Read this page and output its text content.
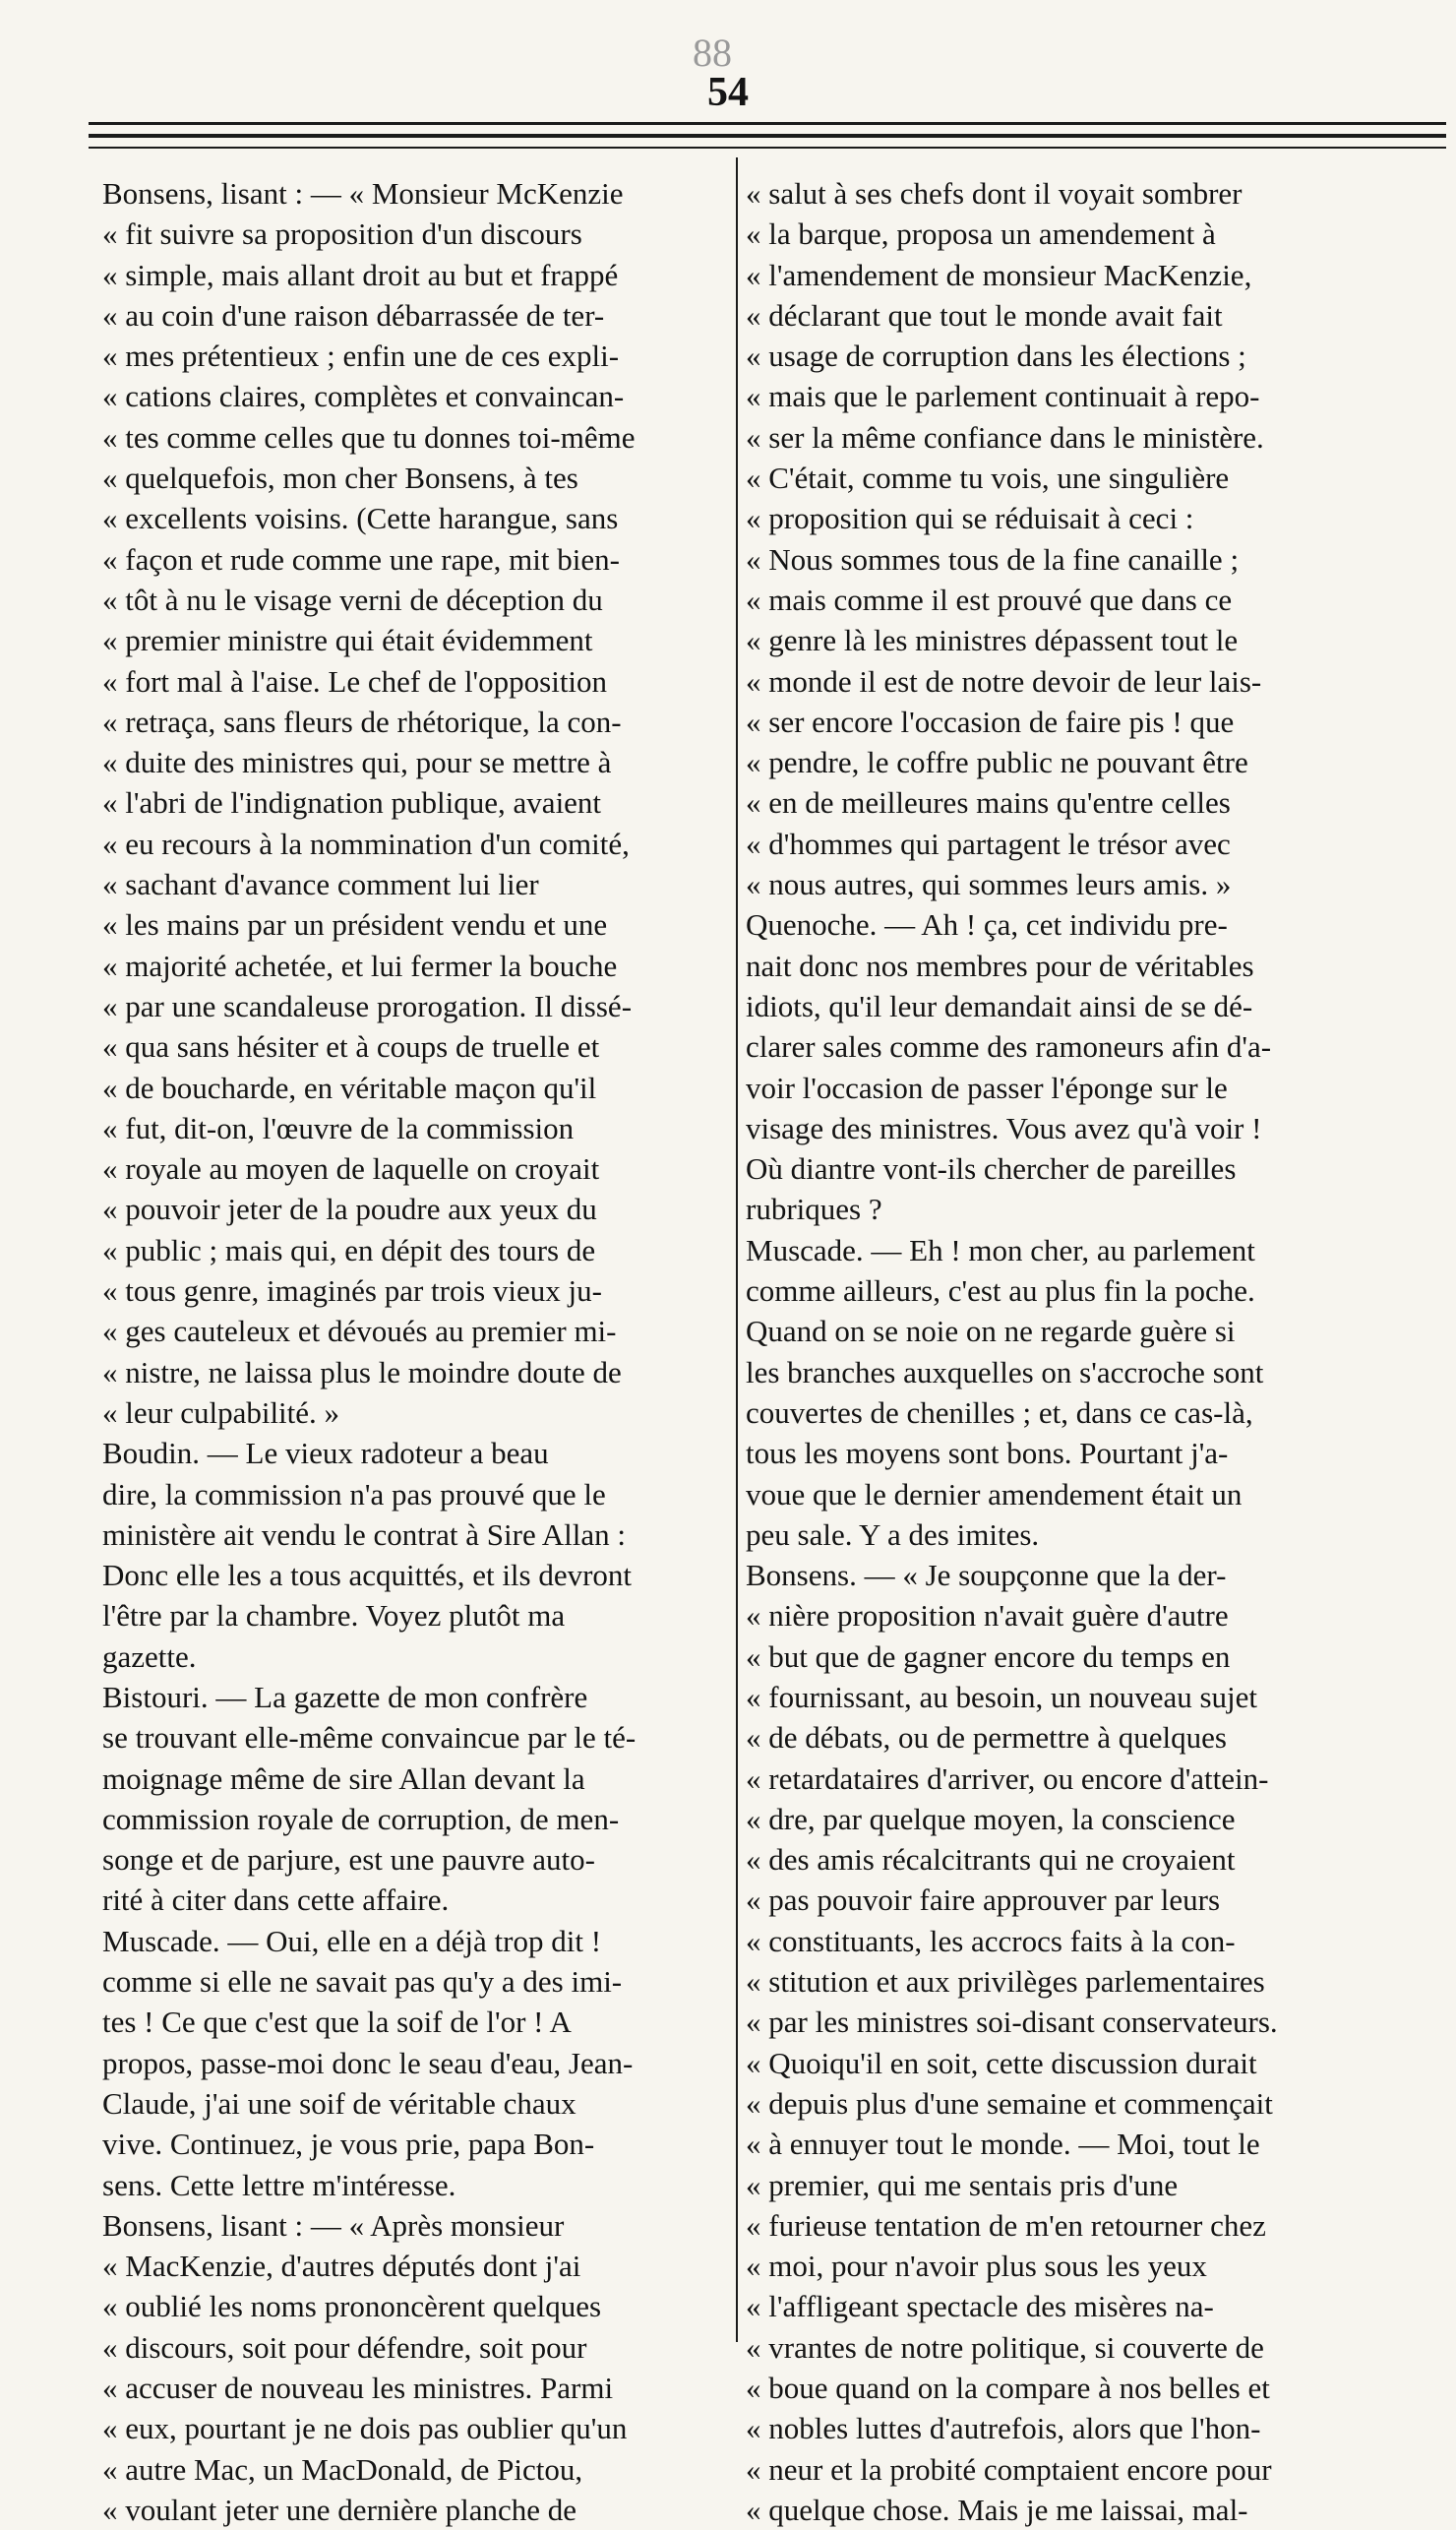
88
54

Bonsens, lisant : — « Monsieur McKenzie

« fit suivre sa proposition d'un discours

« simple, mais allant droit au but et frappé

« au coin d'une raison débarrassée de ter-

« mes prétentieux ; enfin une de ces expli-

« cations claires, complètes et convaincan-

« tes comme celles que tu donnes toi-même

« quelquefois, mon cher Bonsens, à tes

« excellents voisins. (Cette harangue, sans

« façon et rude comme une rape, mit bien-

« tôt à nu le visage verni de déception du

« premier ministre qui était évidemment

« fort mal à l'aise. Le chef de l'opposition

« retraça, sans fleurs de rhétorique, la con-

« duite des ministres qui, pour se mettre à

« l'abri de l'indignation publique, avaient

« eu recours à la nommination d'un comité,

« sachant d'avance comment lui lier

« les mains par un président vendu et une

« majorité achetée, et lui fermer la bouche

« par une scandaleuse prorogation. Il dissé-

« qua sans hésiter et à coups de truelle et

« de boucharde, en véritable maçon qu'il

« fut, dit-on, l'œuvre de la commission

« royale au moyen de laquelle on croyait

« pouvoir jeter de la poudre aux yeux du

« public ; mais qui, en dépit des tours de

« tous genre, imaginés par trois vieux ju-

« ges cauteleux et dévoués au premier mi-

« nistre, ne laissa plus le moindre doute de

« leur culpabilité. »

Boudin. — Le vieux radoteur a beau

dire, la commission n'a pas prouvé que le

ministère ait vendu le contrat à Sire Allan :

Donc elle les a tous acquittés, et ils devront

l'être par la chambre. Voyez plutôt ma

gazette.

Bistouri. — La gazette de mon confrère

se trouvant elle-même convaincue par le té-

moignage même de sire Allan devant la

commission royale de corruption, de men-

songe et de parjure, est une pauvre auto-

rité à citer dans cette affaire.

Muscade. — Oui, elle en a déjà trop dit !

comme si elle ne savait pas qu'y a des imi-

tes ! Ce que c'est que la soif de l'or ! A

propos, passe-moi donc le seau d'eau, Jean-

Claude, j'ai une soif de véritable chaux

vive. Continuez, je vous prie, papa Bon-

sens. Cette lettre m'intéresse.

Bonsens, lisant : — « Après monsieur

« MacKenzie, d'autres députés dont j'ai

« oublié les noms prononcèrent quelques

« discours, soit pour défendre, soit pour

« accuser de nouveau les ministres. Parmi

« eux, pourtant je ne dois pas oublier qu'un

« autre Mac, un MacDonald, de Pictou,

« voulant jeter une dernière planche de

« salut à ses chefs dont il voyait sombrer

« la barque, proposa un amendement à

« l'amendement de monsieur MacKenzie,

« déclarant que tout le monde avait fait

« usage de corruption dans les élections ;

« mais que le parlement continuait à repo-

« ser la même confiance dans le ministère.

« C'était, comme tu vois, une singulière

« proposition qui se réduisait à ceci :

« Nous sommes tous de la fine canaille ;

« mais comme il est prouvé que dans ce

« genre là les ministres dépassent tout le

« monde il est de notre devoir de leur lais-

« ser encore l'occasion de faire pis ! que

« pendre, le coffre public ne pouvant être

« en de meilleures mains qu'entre celles

« d'hommes qui partagent le trésor avec

« nous autres, qui sommes leurs amis. »

Quenoche. — Ah ! ça, cet individu pre-

nait donc nos membres pour de véritables

idiots, qu'il leur demandait ainsi de se dé-

clarer sales comme des ramoneurs afin d'a-

voir l'occasion de passer l'éponge sur le

visage des ministres. Vous avez qu'à voir !

Où diantre vont-ils chercher de pareilles

rubriques ?

Muscade. — Eh ! mon cher, au parlement

comme ailleurs, c'est au plus fin la poche.

Quand on se noie on ne regarde guère si

les branches auxquelles on s'accroche sont

couvertes de chenilles ; et, dans ce cas-là,

tous les moyens sont bons. Pourtant j'a-

voue que le dernier amendement était un

peu sale. Y a des imites.

Bonsens. — « Je soupçonne que la der-

« nière proposition n'avait guère d'autre

« but que de gagner encore du temps en

« fournissant, au besoin, un nouveau sujet

« de débats, ou de permettre à quelques

« retardataires d'arriver, ou encore d'attein-

« dre, par quelque moyen, la conscience

« des amis récalcitrants qui ne croyaient

« pas pouvoir faire approuver par leurs

« constituants, les accrocs faits à la con-

« stitution et aux privilèges parlementaires

« par les ministres soi-disant conservateurs.

« Quoiqu'il en soit, cette discussion durait

« depuis plus d'une semaine et commençait

« à ennuyer tout le monde. — Moi, tout le

« premier, qui me sentais pris d'une

« furieuse tentation de m'en retourner chez

« moi, pour n'avoir plus sous les yeux

« l'affligeant spectacle des misères na-

« vrantes de notre politique, si couverte de

« boue quand on la compare à nos belles et

« nobles luttes d'autrefois, alors que l'hon-

« neur et la probité comptaient encore pour

« quelque chose. Mais je me laissai, mal-
